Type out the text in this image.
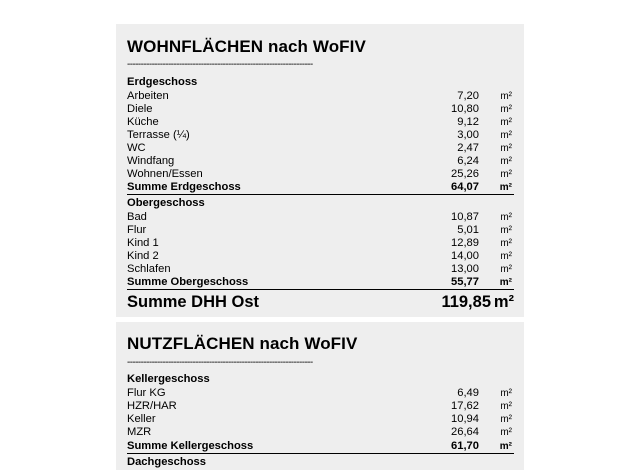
WOHNFLÄCHEN nach WoFIV
--------------------------------------------------------------------
Erdgeschoss
Arbeiten	7,20 m²
Diele	10,80 m²
Küche	9,12 m²
Terrasse (¼)	3,00 m²
WC	2,47 m²
Windfang	6,24 m²
Wohnen/Essen	25,26 m²
Summe Erdgeschoss	64,07 m²
Obergeschoss
Bad	10,87 m²
Flur	5,01 m²
Kind 1	12,89 m²
Kind 2	14,00 m²
Schlafen	13,00 m²
Summe Obergeschoss	55,77 m²
Summe DHH Ost	119,85 m²
NUTZFLÄCHEN nach WoFIV
--------------------------------------------------------------------
Kellergeschoss
Flur KG	6,49 m²
HZR/HAR	17,62 m²
Keller	10,94 m²
MZR	26,64 m²
Summe Kellergeschoss	61,70 m²
Dachgeschoss
